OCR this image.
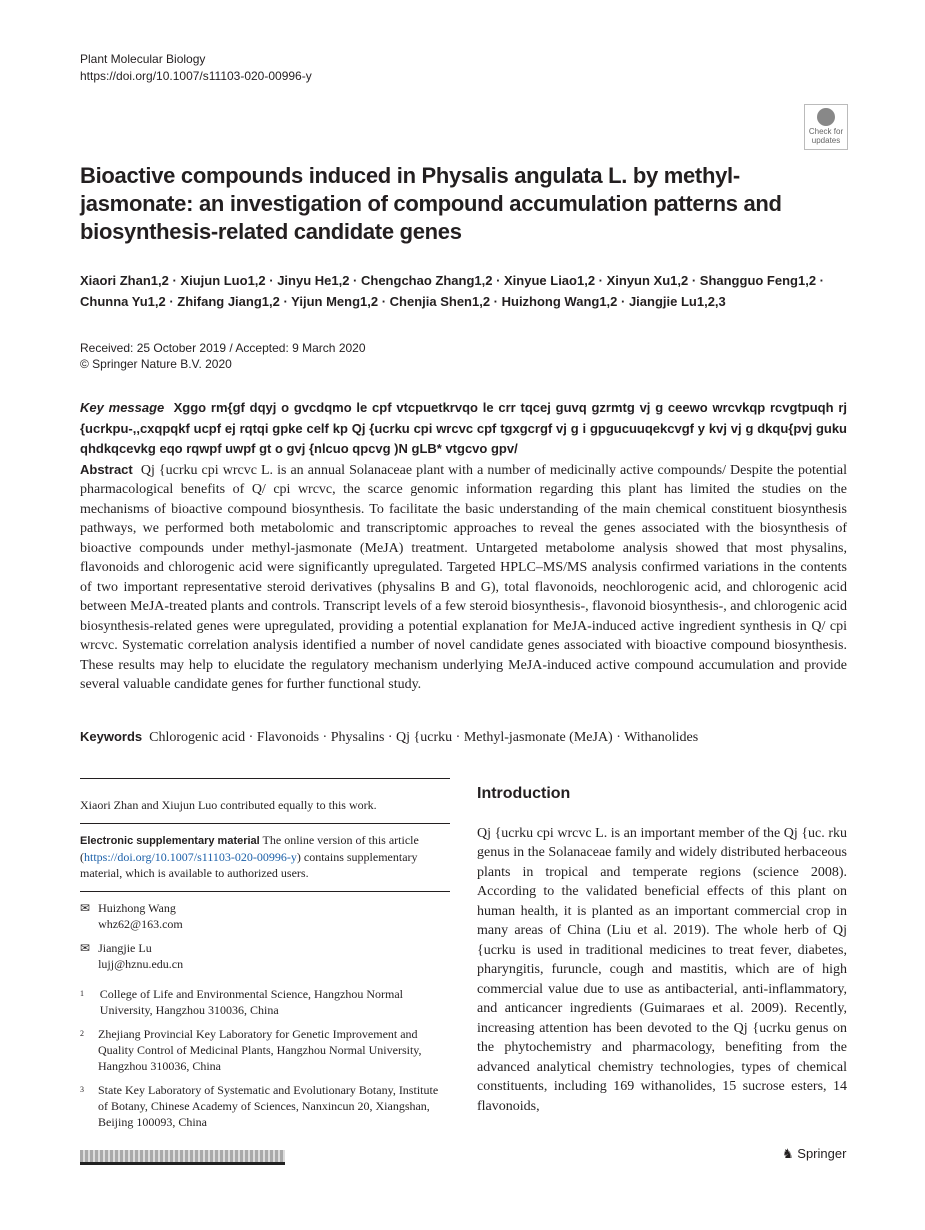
Plant Molecular Biology
https://doi.org/10.1007/s11103-020-00996-y
Check for
updates
Bioactive compounds induced in Physalis angulata L. by methyl-jasmonate: an investigation of compound accumulation patterns and biosynthesis-related candidate genes
Xiaori Zhan1,2 · Xiujun Luo1,2 · Jinyu He1,2 · Chengchao Zhang1,2 · Xinyue Liao1,2 · Xinyun Xu1,2 · Shangguo Feng1,2 · Chunna Yu1,2 · Zhifang Jiang1,2 · Yijun Meng1,2 · Chenjia Shen1,2 · Huizhong Wang1,2 · Jiangjie Lu1,2,3
Received: 25 October 2019 / Accepted: 9 March 2020
© Springer Nature B.V. 2020
Key message Xggo rm{gf dqyj o gvcdqmo le cpf vtcpuetkrvqo le crr tqcej guvq gzrmtg vj g ceewo wrcvkqp rcvgtpuqh rj {ucrkpu-,,cxqpqkf ucpf ej rqtqi gpke celf kp Qj {ucrku cpi wrcvc cpf tgxgcrgf vj g i gpgucuuqekcvgf y kvj vj g dkqu{pvj guku qhdkqcevkg eqo rqwpf uwpf gt o gvj {nlcuo qpcvg )N gLB* vtgcvo gpv/
Abstract Qj {ucrku cpi wrcvc L. is an annual Solanaceae plant with a number of medicinally active compounds/ Despite the potential pharmacological benefits of Q/ cpi wrcvc, the scarce genomic information regarding this plant has limited the studies on the mechanisms of bioactive compound biosynthesis. To facilitate the basic understanding of the main chemical constituent biosynthesis pathways, we performed both metabolomic and transcriptomic approaches to reveal the genes associated with the biosynthesis of bioactive compounds under methyl-jasmonate (MeJA) treatment. Untargeted metabolome analysis showed that most physalins, flavonoids and chlorogenic acid were significantly upregulated. Targeted HPLC–MS/MS analysis confirmed variations in the contents of two important representative steroid derivatives (physalins B and G), total flavonoids, neochlorogenic acid, and chlorogenic acid between MeJA-treated plants and controls. Transcript levels of a few steroid biosynthesis-, flavonoid biosynthesis-, and chlorogenic acid biosynthesis-related genes were upregulated, providing a potential explanation for MeJA-induced active ingredient synthesis in Q/ cpi wrcvc. Systematic correlation analysis identified a number of novel candidate genes associated with bioactive compound biosynthesis. These results may help to elucidate the regulatory mechanism underlying MeJA-induced active compound accumulation and provide several valuable candidate genes for further functional study.
Keywords Chlorogenic acid · Flavonoids · Physalins · Qj {ucrku · Methyl-jasmonate (MeJA) · Withanolides
Xiaori Zhan and Xiujun Luo contributed equally to this work.
Electronic supplementary material The online version of this article (https://doi.org/10.1007/s11103-020-00996-y) contains supplementary material, which is available to authorized users.
✉ Huizhong Wang
whz62@163.com
✉ Jiangjie Lu
lujj@hznu.edu.cn
1 College of Life and Environmental Science, Hangzhou Normal University, Hangzhou 310036, China
2 Zhejiang Provincial Key Laboratory for Genetic Improvement and Quality Control of Medicinal Plants, Hangzhou Normal University, Hangzhou 310036, China
3 State Key Laboratory of Systematic and Evolutionary Botany, Institute of Botany, Chinese Academy of Sciences, Nanxincun 20, Xiangshan, Beijing 100093, China
Introduction
Qj {ucrku cpi wrcvc L. is an important member of the Qj {uc. rku genus in the Solanaceae family and widely distributed herbaceous plants in tropical and temperate regions (science 2008). According to the validated beneficial effects of this plant on human health, it is planted as an important commercial crop in many areas of China (Liu et al. 2019). The whole herb of Qj {ucrku is used in traditional medicines to treat fever, diabetes, pharyngitis, furuncle, cough and mastitis, which are of high commercial value due to use as antibacterial, anti-inflammatory, and anticancer ingredients (Guimaraes et al. 2009). Recently, increasing attention has been devoted to the Qj {ucrku genus on the phytochemistry and pharmacology, benefiting from the advanced analytical chemistry technologies, types of chemical constituents, including 169 withanolides, 15 sucrose esters, 14 flavonoids,
♞ Springer
